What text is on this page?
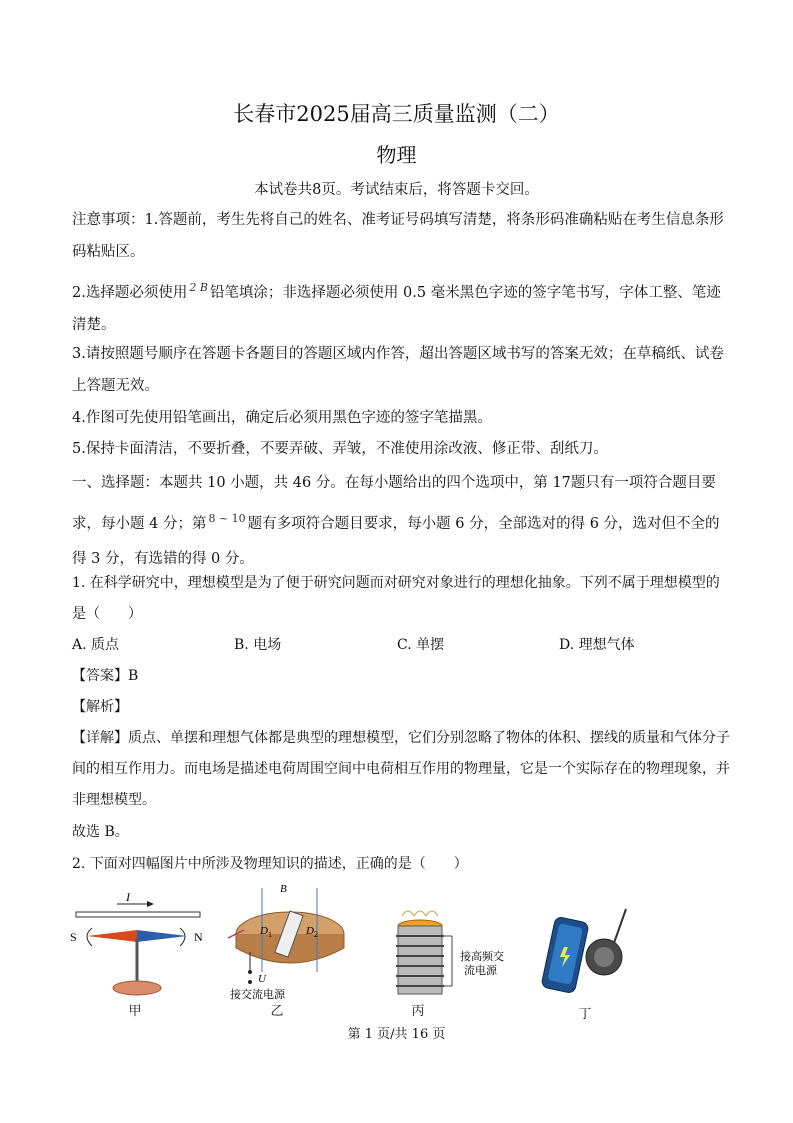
长春市2025届高三质量监测（二）
物理
本试卷共8页。考试结束后，将答题卡交回。
注意事项：1.答题前，考生先将自己的姓名、准考证号码填写清楚，将条形码准确粘贴在考生信息条形码粘贴区。
2.选择题必须使用 2 B 铅笔填涂；非选择题必须使用 0.5 毫米黑色字迹的签字笔书写，字体工整、笔迹清楚。
3.请按照题号顺序在答题卡各题目的答题区域内作答，超出答题区域书写的答案无效；在草稿纸、试卷上答题无效。
4.作图可先使用铅笔画出，确定后必须用黑色字迹的签字笔描黑。
5.保持卡面清洁，不要折叠，不要弄破、弄皱，不准使用涂改液、修正带、刮纸刀。
一、选择题：本题共 10 小题，共 46 分。在每小题给出的四个选项中，第 17题只有一项符合题目要求，每小题 4 分；第 8 ~ 10 题有多项符合题目要求，每小题 6 分，全部选对的得 6 分，选对但不全的得 3 分，有选错的得 0 分。
1. 在科学研究中，理想模型是为了便于研究问题而对研究对象进行的理想化抽象。下列不属于理想模型的是（　　）
A. 质点	B. 电场	C. 单摆	D. 理想气体
【答案】B
【解析】
【详解】质点、单摆和理想气体都是典型的理想模型，它们分别忽略了物体的体积、摆线的质量和气体分子间的相互作用力。而电场是描述电荷周围空间中电荷相互作用的物理量，它是一个实际存在的物理现象，并非理想模型。
故选 B。
2. 下面对四幅图片中所涉及物理知识的描述，正确的是（　　）
I
S	N
甲
B
D 1	D 2
U
接交流电源
乙
接高频交
流电源
丙	丁
第 1 页/共 16 页
